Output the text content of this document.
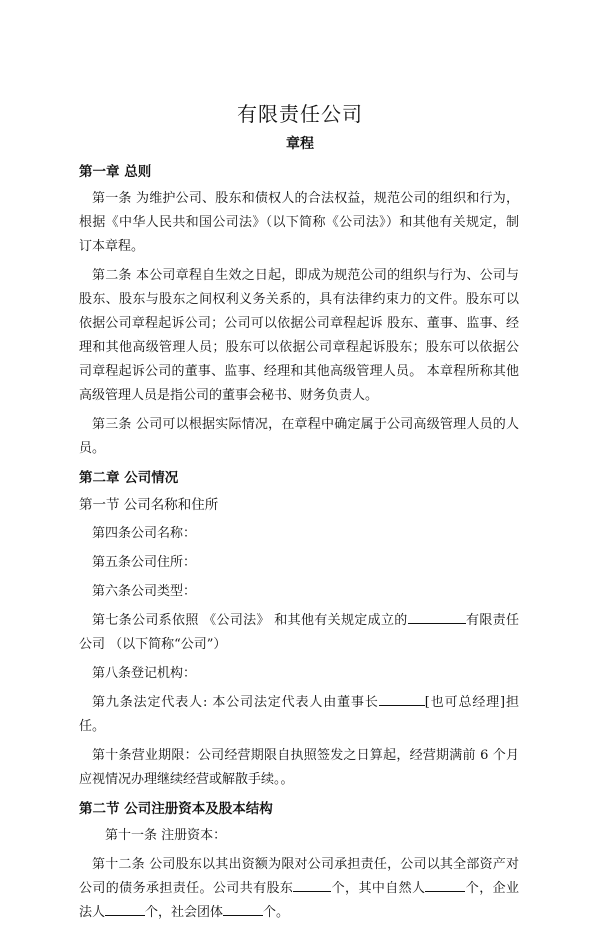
有限责任公司
章程

第一章 总则

第一条 为维护公司、股东和债权人的合法权益，规范公司的组织和行为，根据《中华人民共和国公司法》（以下简称《公司法》）和其他有关规定，制订本章程。

第二条 本公司章程自生效之日起，即成为规范公司的组织与行为、公司与股东、股东与股东之间权利义务关系的，具有法律约束力的文件。股东可以依据公司章程起诉公司；公司可以依据公司章程起诉 股东、董事、监事、经理和其他高级管理人员；股东可以依据公司章程起诉股东；股东可以依据公司章程起诉公司的董事、监事、经理和其他高级管理人员。 本章程所称其他高级管理人员是指公司的董事会秘书、财务负责人。

第三条 公司可以根据实际情况，在章程中确定属于公司高级管理人员的人员。

第二章 公司情况

第一节 公司名称和住所

第四条公司名称：

第五条公司住所：

第六条公司类型：

第七条公司系依照 《公司法》 和其他有关规定成立的	有限责任公司 （以下简称“公司”）

第八条登记机构：

第九条法定代表人: 本公司法定代表人由董事长	[也可总经理]担任。

第十条营业期限：公司经营期限自执照签发之日算起，经营期满前 6 个月应视情况办理继续经营或解散手续。。

第二节 公司注册资本及股本结构

第十一条 注册资本：

第十二条 公司股东以其出资额为限对公司承担责任，公司以其全部资产对公司的债务承担责任。公司共有股东	个，其中自然人	个，企业法人	个，社会团体	个。
